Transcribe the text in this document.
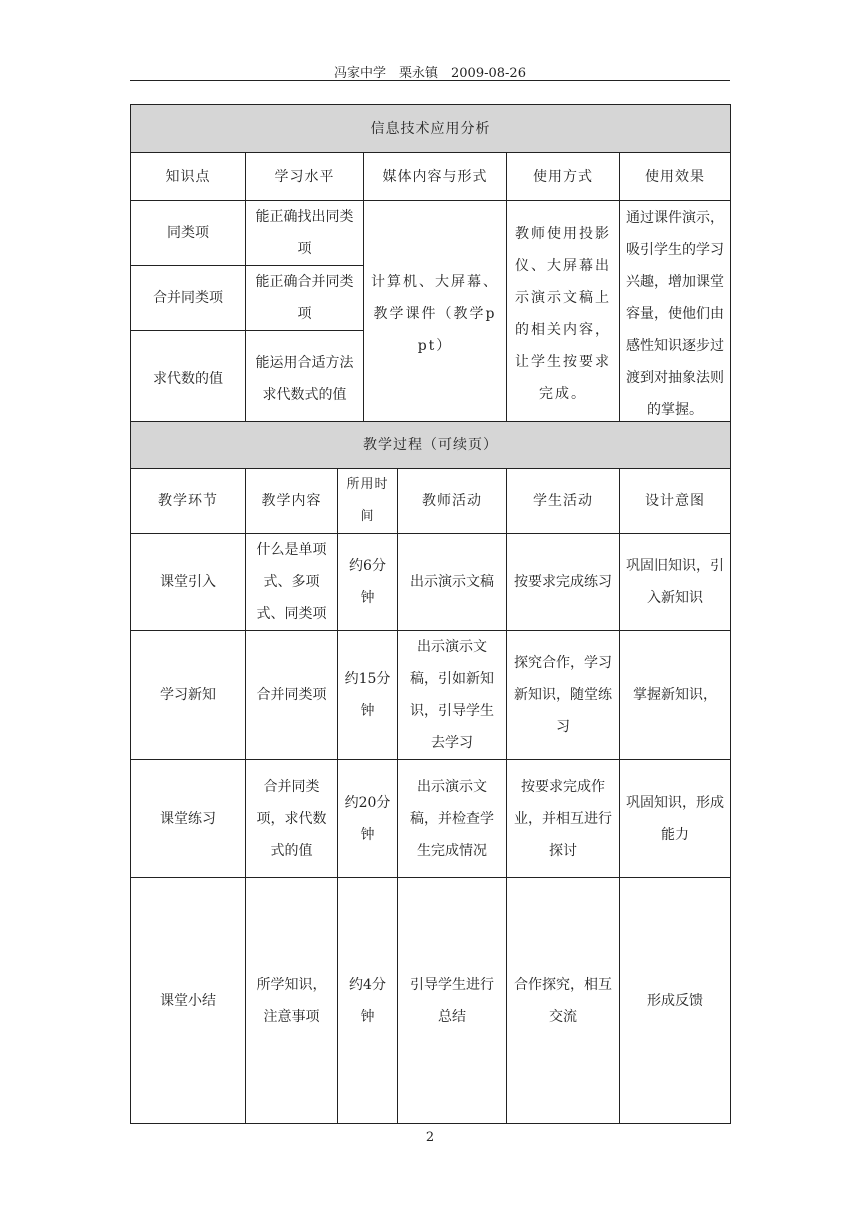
冯家中学　栗永镇　2009-08-26
信息技术应用分析				
知识点	学习水平	媒体内容与形式	使用方式	使用效果
同类项	能正确找出同类项	计算机、大屏幕、教学课件（教学ppt）	教师使用投影仪、大屏幕出示演示文稿上的相关内容，让学生按要求完成。	通过课件演示，吸引学生的学习兴趣，增加课堂容量，使他们由感性知识逐步过渡到对抽象法则的掌握。
合并同类项	能正确合并同类项			
求代数的值	能运用合适方法求代数式的值			
教学过程（可续页）					
教学环节	教学内容	所用时间	教师活动	学生活动	设计意图
课堂引入	什么是单项式、多项式、同类项	约6分钟	出示演示文稿	按要求完成练习	巩固旧知识，引入新知识
学习新知	合并同类项	约15分钟	出示演示文稿，引如新知识，引导学生去学习	探究合作，学习新知识，随堂练习	掌握新知识，
课堂练习	合并同类项，求代数式的值	约20分钟	出示演示文稿，并检查学生完成情况	按要求完成作业，并相互进行探讨	巩固知识，形成能力
课堂小结	所学知识，注意事项	约4分钟	引导学生进行总结	合作探究，相互交流	形成反馈
2
